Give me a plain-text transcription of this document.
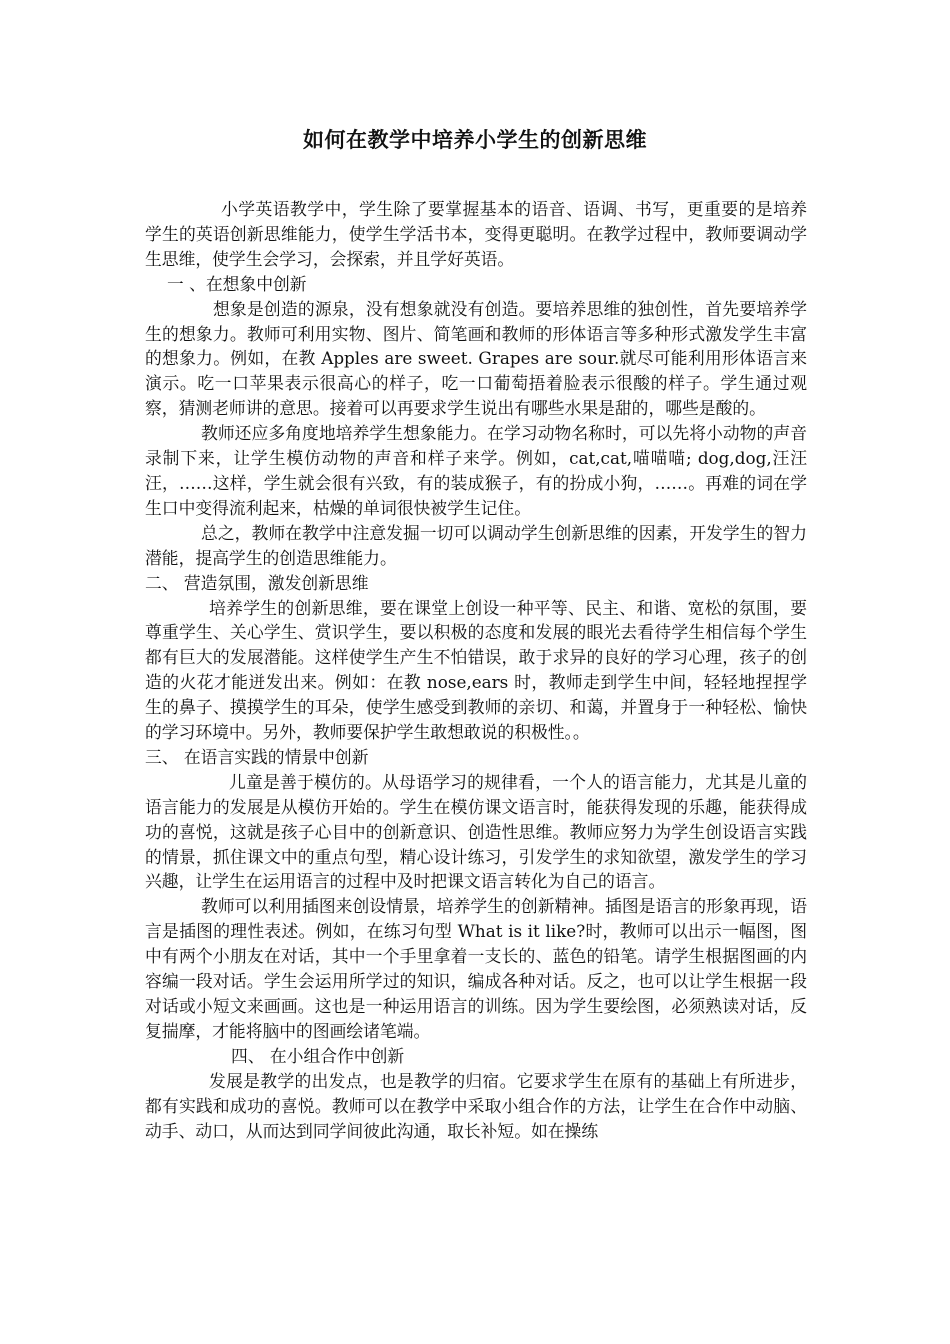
如何在教学中培养小学生的创新思维

小学英语教学中，学生除了要掌握基本的语音、语调、书写，更重要的是培养学生的英语创新思维能力，使学生学活书本，变得更聪明。在教学过程中，教师要调动学生思维，使学生会学习，会探索，并且学好英语。

一 、在想象中创新

想象是创造的源泉，没有想象就没有创造。要培养思维的独创性，首先要培养学生的想象力。教师可利用实物、图片、简笔画和教师的形体语言等多种形式激发学生丰富的想象力。例如，在教 Apples are sweet. Grapes are sour.就尽可能利用形体语言来演示。吃一口苹果表示很高心的样子，吃一口葡萄捂着脸表示很酸的样子。学生通过观察，猜测老师讲的意思。接着可以再要求学生说出有哪些水果是甜的，哪些是酸的。

教师还应多角度地培养学生想象能力。在学习动物名称时，可以先将小动物的声音录制下来，让学生模仿动物的声音和样子来学。例如，cat,cat,喵喵喵; dog,dog,汪汪汪，……这样，学生就会很有兴致，有的装成猴子，有的扮成小狗，……。再难的词在学生口中变得流利起来，枯燥的单词很快被学生记住。

总之，教师在教学中注意发掘一切可以调动学生创新思维的因素，开发学生的智力潜能，提高学生的创造思维能力。

二、 营造氛围，激发创新思维

培养学生的创新思维，要在课堂上创设一种平等、民主、和谐、宽松的氛围，要尊重学生、关心学生、赏识学生，要以积极的态度和发展的眼光去看待学生相信每个学生都有巨大的发展潜能。这样使学生产生不怕错误，敢于求异的良好的学习心理，孩子的创造的火花才能迸发出来。例如：在教 nose,ears 时，教师走到学生中间，轻轻地捏捏学生的鼻子、摸摸学生的耳朵，使学生感受到教师的亲切、和蔼，并置身于一种轻松、愉快的学习环境中。另外，教师要保护学生敢想敢说的积极性。。

三、 在语言实践的情景中创新

儿童是善于模仿的。从母语学习的规律看，一个人的语言能力，尤其是儿童的语言能力的发展是从模仿开始的。学生在模仿课文语言时，能获得发现的乐趣，能获得成功的喜悦，这就是孩子心目中的创新意识、创造性思维。教师应努力为学生创设语言实践的情景，抓住课文中的重点句型，精心设计练习，引发学生的求知欲望，激发学生的学习兴趣，让学生在运用语言的过程中及时把课文语言转化为自己的语言。

教师可以利用插图来创设情景，培养学生的创新精神。插图是语言的形象再现，语言是插图的理性表述。例如，在练习句型 What is it like?时，教师可以出示一幅图，图中有两个小朋友在对话，其中一个手里拿着一支长的、蓝色的铅笔。请学生根据图画的内容编一段对话。学生会运用所学过的知识，编成各种对话。反之，也可以让学生根据一段对话或小短文来画画。这也是一种运用语言的训练。因为学生要绘图，必须熟读对话，反复揣摩，才能将脑中的图画绘诸笔端。

四、 在小组合作中创新

发展是教学的出发点，也是教学的归宿。它要求学生在原有的基础上有所进步，都有实践和成功的喜悦。教师可以在教学中采取小组合作的方法，让学生在合作中动脑、动手、动口，从而达到同学间彼此沟通，取长补短。如在操练
